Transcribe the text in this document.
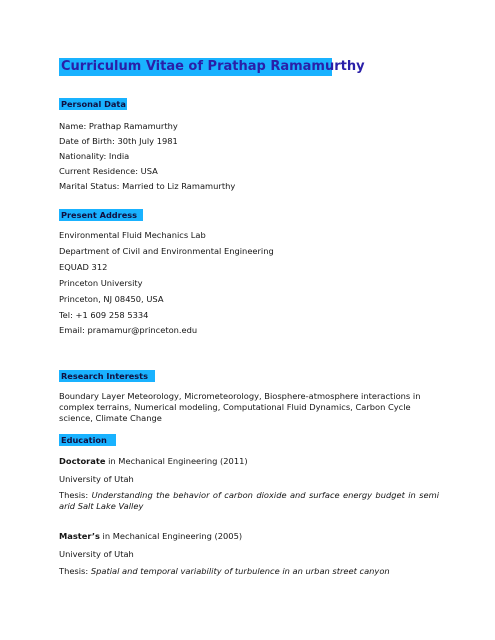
Curriculum Vitae of Prathap Ramamurthy
Personal Data
Name: Prathap Ramamurthy
Date of Birth: 30th July 1981
Nationality: India
Current Residence: USA
Marital Status: Married to Liz Ramamurthy
Present Address
Environmental Fluid Mechanics Lab
Department of Civil and Environmental Engineering
EQUAD 312
Princeton University
Princeton, NJ 08450, USA
Tel: +1 609 258 5334
Email: pramamur@princeton.edu
Research Interests
Boundary Layer Meteorology, Micrometeorology, Biosphere-atmosphere interactions in complex terrains, Numerical modeling, Computational Fluid Dynamics, Carbon Cycle science, Climate Change
Education
Doctorate in Mechanical Engineering (2011)
University of Utah
Thesis: Understanding the behavior of carbon dioxide and surface energy budget in semi arid Salt Lake Valley
Master’s in Mechanical Engineering (2005)
University of Utah
Thesis: Spatial and temporal variability of turbulence in an urban street canyon
